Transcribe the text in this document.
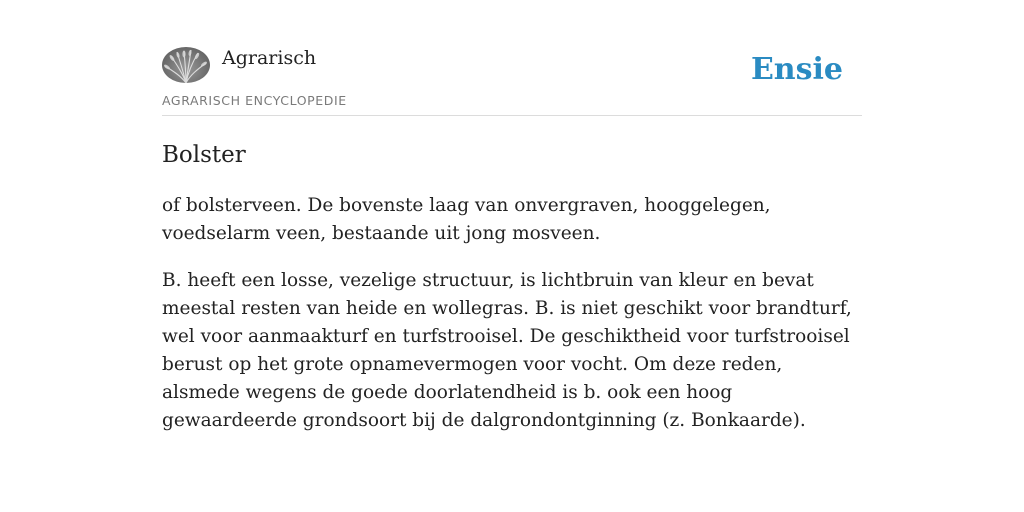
Agrarisch
AGRARISCH ENCYCLOPEDIE
Ensie
Bolster

of bolsterveen. De bovenste laag van onvergraven, hooggelegen, voedselarm veen, bestaande uit jong mosveen.

B. heeft een losse, vezelige structuur, is lichtbruin van kleur en bevat meestal resten van heide en wollegras. B. is niet geschikt voor brandturf, wel voor aanmaakturf en turfstrooisel. De geschiktheid voor turfstrooisel berust op het grote opnamevermogen voor vocht. Om deze reden, alsmede wegens de goede doorlatendheid is b. ook een hoog gewaardeerde grondsoort bij de dalgrondontginning (z. Bonkaarde).
